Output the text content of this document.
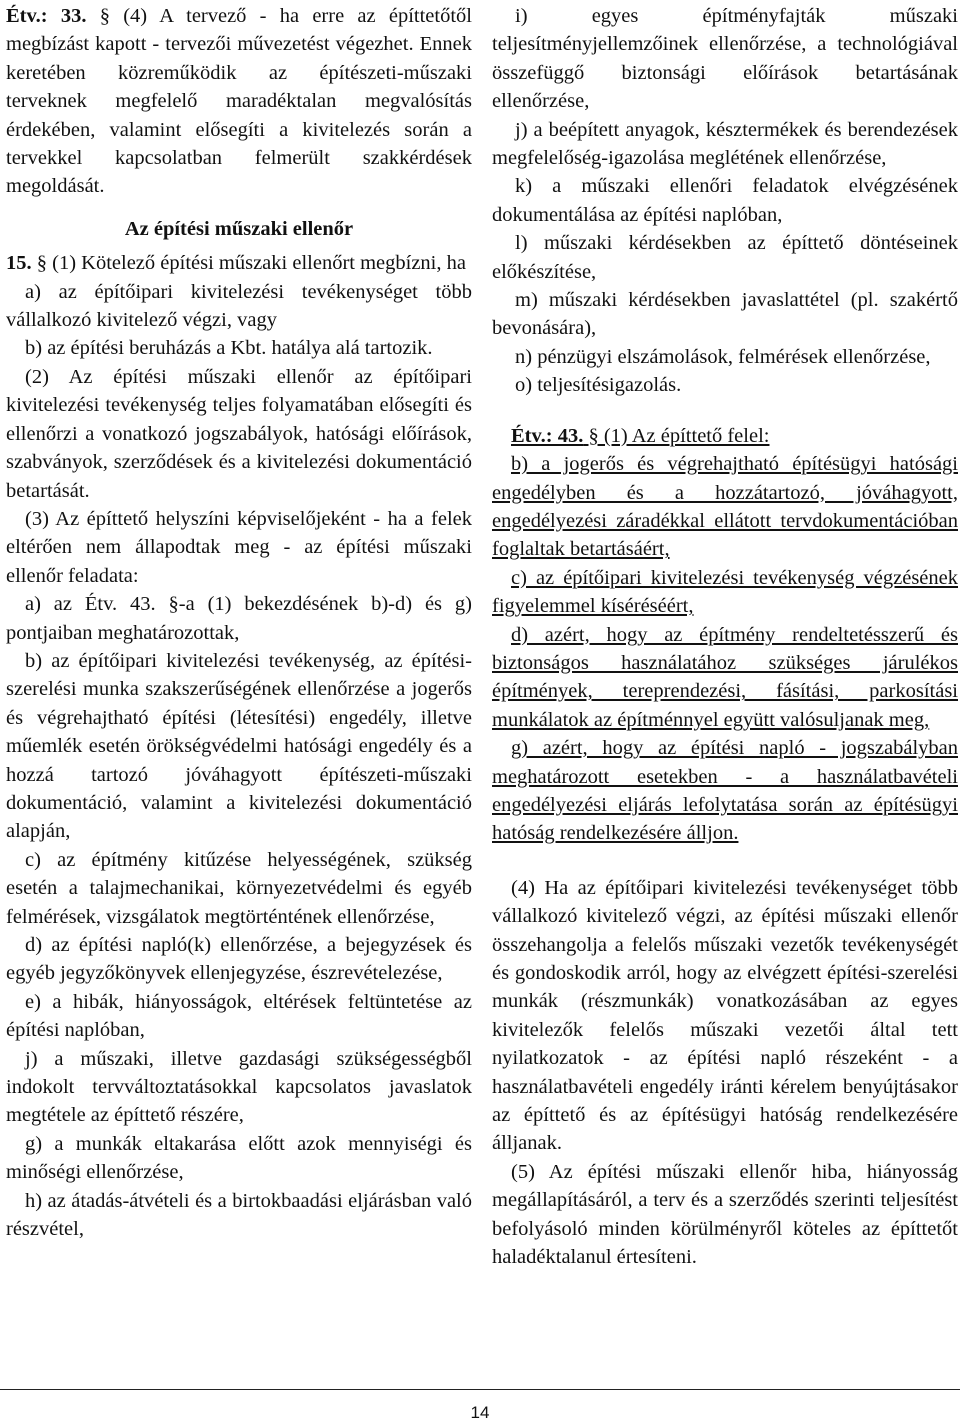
Étv.: 33. § (4) A tervező - ha erre az építtetőtől megbízást kapott - tervezői művezetést végezhet. Ennek keretében közreműködik az építészeti-műszaki terveknek megfelelő maradéktalan megvalósítás érdekében, valamint elősegíti a kivitelezés során a tervekkel kapcsolatban felmerült szakkérdések megoldását.

Az építési műszaki ellenőr

15. § (1) Kötelező építési műszaki ellenőrt megbízni, ha

a) az építőipari kivitelezési tevékenységet több vállalkozó kivitelező végzi, vagy

b) az építési beruházás a Kbt. hatálya alá tartozik.

(2) Az építési műszaki ellenőr az építőipari kivitelezési tevékenység teljes folyamatában elősegíti és ellenőrzi a vonatkozó jogszabályok, hatósági előírások, szabványok, szerződések és a kivitelezési dokumentáció betartását.

(3) Az építtető helyszíni képviselőjeként - ha a felek eltérően nem állapodtak meg - az építési műszaki ellenőr feladata:

a) az Étv. 43. §-a (1) bekezdésének b)-d) és g) pontjaiban meghatározottak,

b) az építőipari kivitelezési tevékenység, az építési-szerelési munka szakszerűségének ellenőrzése a jogerős és végrehajtható építési (létesítési) engedély, illetve műemlék esetén örökségvédelmi hatósági engedély és a hozzá tartozó jóváhagyott építészeti-műszaki dokumentáció, valamint a kivitelezési dokumentáció alapján,

c) az építmény kitűzése helyességének, szükség esetén a talajmechanikai, környezetvédelmi és egyéb felmérések, vizsgálatok megtörténtének ellenőrzése,

d) az építési napló(k) ellenőrzése, a bejegyzések és egyéb jegyzőkönyvek ellenjegyzése, észrevételezése,

e) a hibák, hiányosságok, eltérések feltüntetése az építési naplóban,

j) a műszaki, illetve gazdasági szükségességből indokolt tervváltoztatásokkal kapcsolatos javaslatok megtétele az építtető részére,

g) a munkák eltakarása előtt azok mennyiségi és minőségi ellenőrzése,

h) az átadás-átvételi és a birtokbaadási eljárásban való részvétel,

i) egyes építményfajták műszaki teljesítményjellemzőinek ellenőrzése, a technológiával összefüggő biztonsági előírások betartásának ellenőrzése,

j) a beépített anyagok, késztermékek és berendezések megfelelőség-igazolása meglétének ellenőrzése,

k) a műszaki ellenőri feladatok elvégzésének dokumentálása az építési naplóban,

l) műszaki kérdésekben az építtető döntéseinek előkészítése,

m) műszaki kérdésekben javaslattétel (pl. szakértő bevonására),

n) pénzügyi elszámolások, felmérések ellenőrzése,

o) teljesítésigazolás.

Étv.: 43. § (1) Az építtető felel:

b) a jogerős és végrehajtható építésügyi hatósági engedélyben és a hozzátartozó, jóváhagyott, engedélyezési záradékkal ellátott tervdokumentációban foglaltak betartásáért,

c) az építőipari kivitelezési tevékenység végzésének figyelemmel kíséréséért,

d) azért, hogy az építmény rendeltetésszerű és biztonságos használatához szükséges járulékos építmények, tereprendezési, fásítási, parkosítási munkálatok az építménnyel együtt valósuljanak meg,

g) azért, hogy az építési napló - jogszabályban meghatározott esetekben - a használatbavételi engedélyezési eljárás lefolytatása során az építésügyi hatóság rendelkezésére álljon.

(4) Ha az építőipari kivitelezési tevékenységet több vállalkozó kivitelező végzi, az építési műszaki ellenőr összehangolja a felelős műszaki vezetők tevékenységét és gondoskodik arról, hogy az elvégzett építési-szerelési munkák (részmunkák) vonatkozásában az egyes kivitelezők felelős műszaki vezetői által tett nyilatkozatok - az építési napló részeként - a használatbavételi engedély iránti kérelem benyújtásakor az építtető és az építésügyi hatóság rendelkezésére álljanak.

(5) Az építési műszaki ellenőr hiba, hiányosság megállapításáról, a terv és a szerződés szerinti teljesítést befolyásoló minden körülményről köteles az építtetőt haladéktalanul értesíteni.

14
